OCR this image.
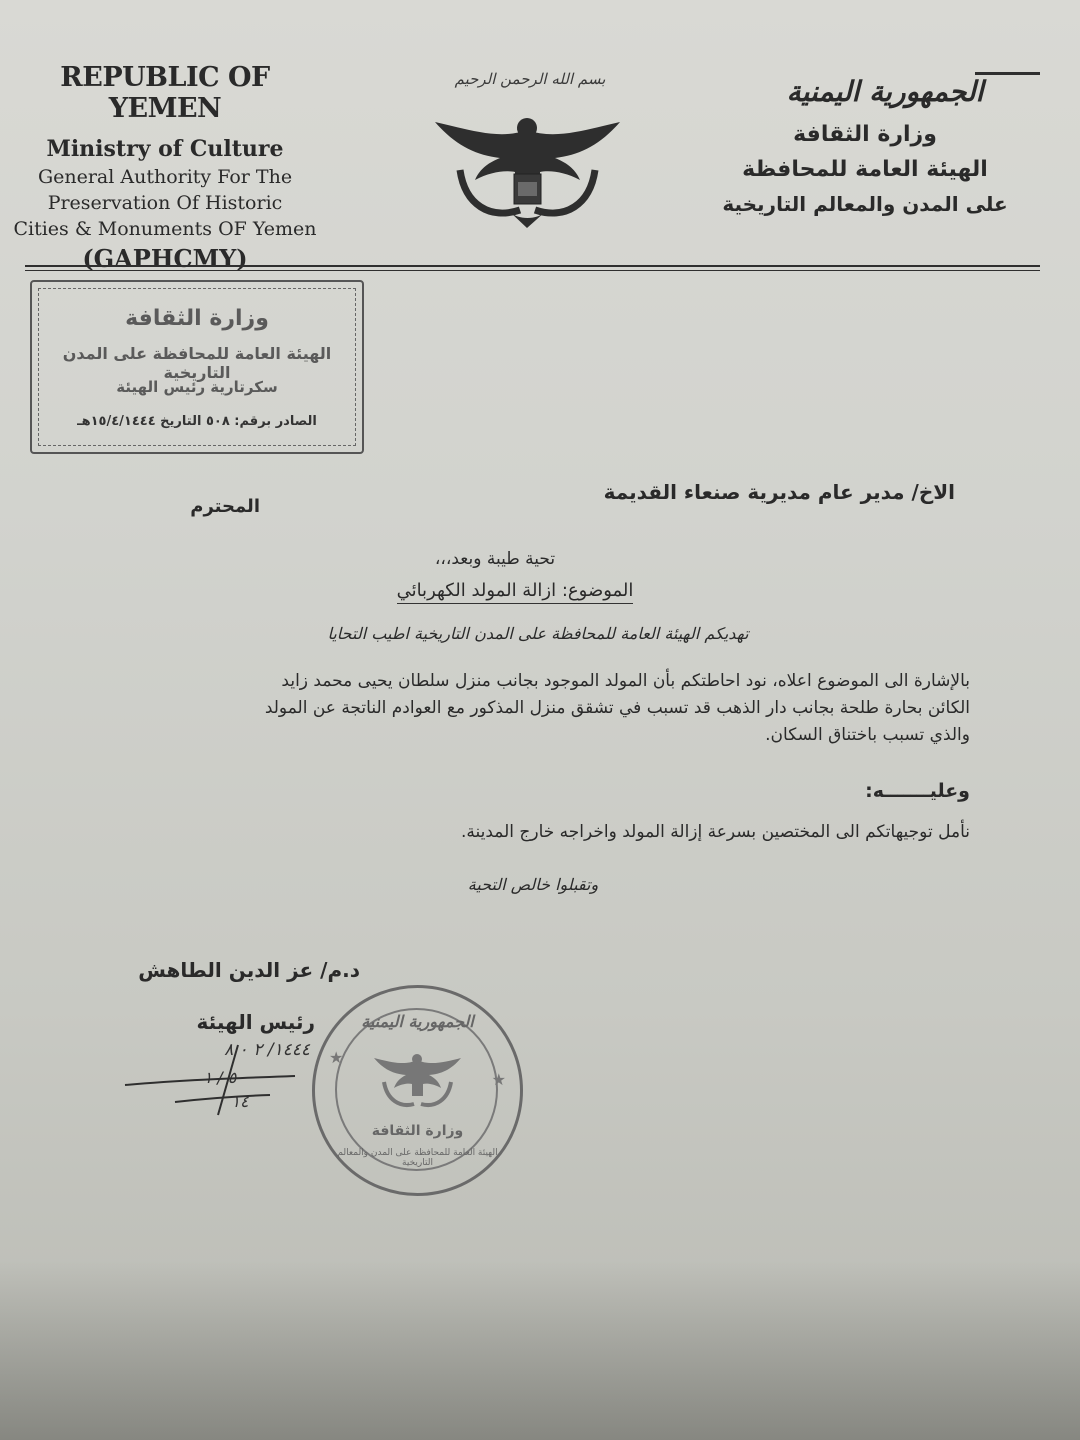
REPUBLIC OF YEMEN
Ministry of Culture
General Authority For The
Preservation Of Historic
Cities & Monuments OF Yemen
(GAPHCMY)
بسم الله الرحمن الرحيم	الجمهورية اليمنية
وزارة الثقافة
الهيئة العامة للمحافظة
على المدن والمعالم التاريخية
وزارة الثقافة
الهيئة العامة للمحافظة على المدن التاريخية
سكرتارية رئيس الهيئة
الصادر برقم: ٥٠٨ التاريخ ١٥/٤/١٤٤٤هـ
الاخ/ مدير عام مديرية صنعاء القديمة
المحترم
تحية طيبة وبعد،،،
الموضوع: ازالة المولد الكهربائي
تهديكم الهيئة العامة للمحافظة على المدن التاريخية اطيب التحايا
بالإشارة الى الموضوع اعلاه، نود احاطتكم بأن المولد الموجود بجانب منزل سلطان يحيى محمد زايد
الكائن بحارة طلحة بجانب دار الذهب قد تسبب في تشقق منزل المذكور مع العوادم الناتجة عن المولد
والذي تسبب باختناق السكان.
وعليـــــــه:
نأمل توجيهاتكم الى المختصين بسرعة إزالة المولد واخراجه خارج المدينة.
وتقبلوا خالص التحية
د.م/ عز الدين الطاهش
رئيس الهيئة
١٤٤٤/ ٢ ٠ ٨
٥ / ١
١٤
الجمهورية اليمنية
★
★
وزارة الثقافة
الهيئة العامة للمحافظة على المدن والمعالم التاريخية
